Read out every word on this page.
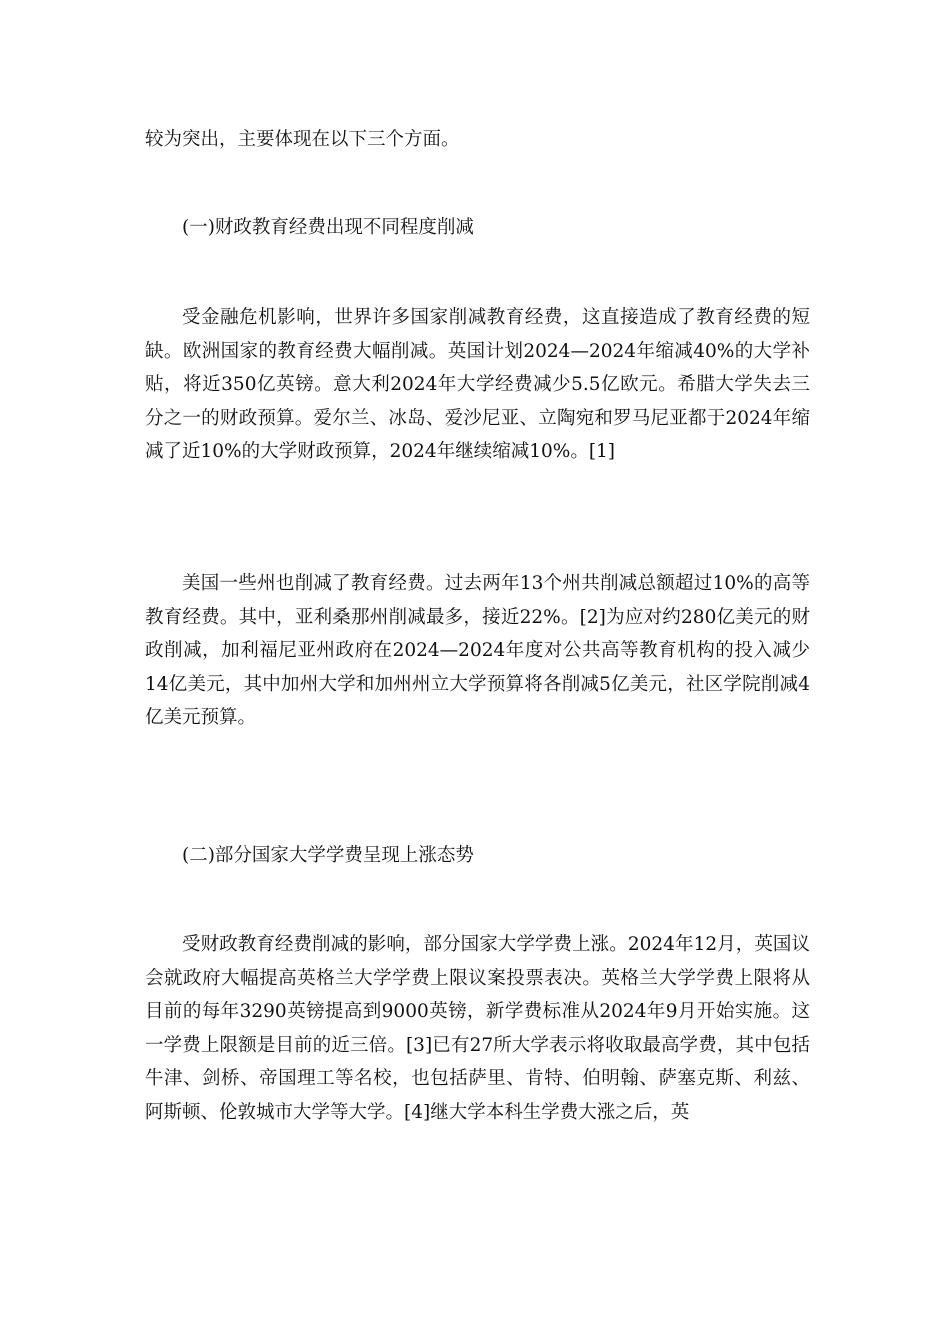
较为突出，主要体现在以下三个方面。

(一)财政教育经费出现不同程度削减

受金融危机影响，世界许多国家削减教育经费，这直接造成了教育经费的短缺。欧洲国家的教育经费大幅削减。英国计划2024—2024年缩减40%的大学补贴，将近350亿英镑。意大利2024年大学经费减少5.5亿欧元。希腊大学失去三分之一的财政预算。爱尔兰、冰岛、爱沙尼亚、立陶宛和罗马尼亚都于2024年缩减了近10%的大学财政预算，2024年继续缩减10%。[1]

美国一些州也削减了教育经费。过去两年13个州共削减总额超过10%的高等教育经费。其中，亚利桑那州削减最多，接近22%。[2]为应对约280亿美元的财政削减，加利福尼亚州政府在2024—2024年度对公共高等教育机构的投入减少14亿美元，其中加州大学和加州州立大学预算将各削减5亿美元，社区学院削减4亿美元预算。

(二)部分国家大学学费呈现上涨态势

受财政教育经费削减的影响，部分国家大学学费上涨。2024年12月，英国议会就政府大幅提高英格兰大学学费上限议案投票表决。英格兰大学学费上限将从目前的每年3290英镑提高到9000英镑，新学费标准从2024年9月开始实施。这一学费上限额是目前的近三倍。[3]已有27所大学表示将收取最高学费，其中包括牛津、剑桥、帝国理工等名校，也包括萨里、肯特、伯明翰、萨塞克斯、利兹、阿斯顿、伦敦城市大学等大学。[4]继大学本科生学费大涨之后，英
